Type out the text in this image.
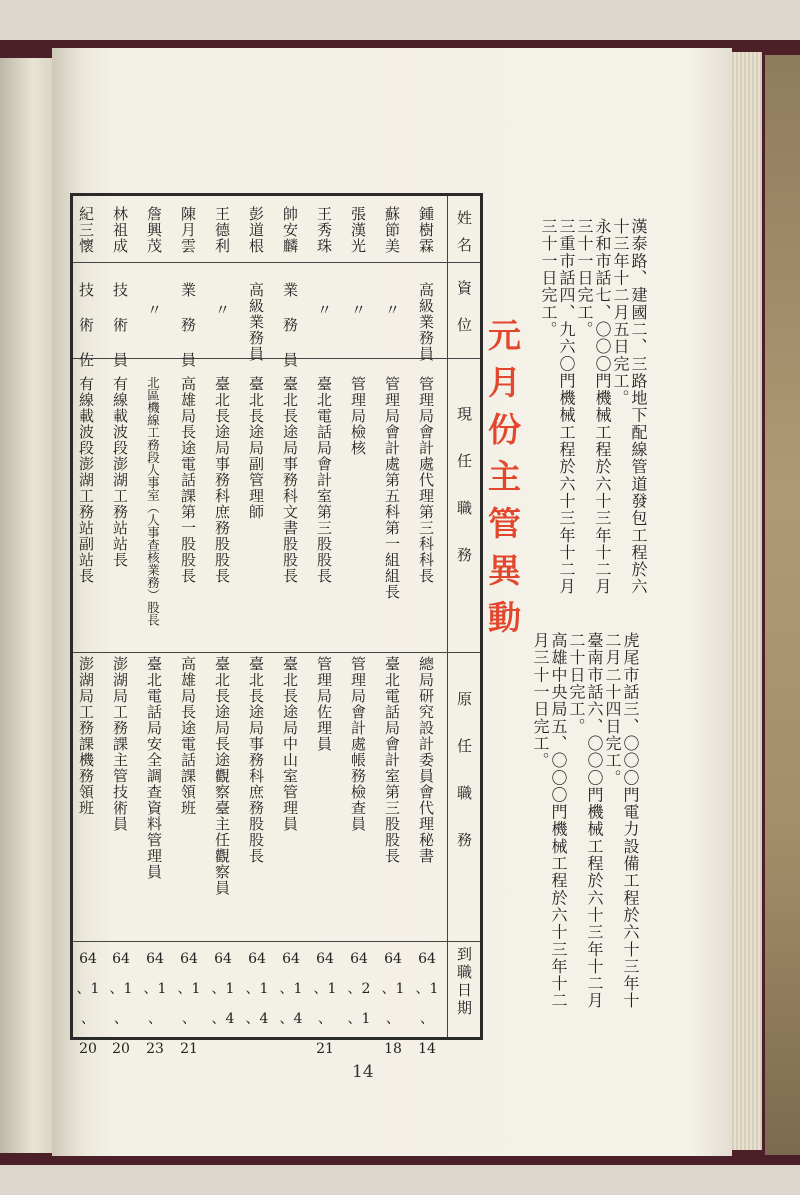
漢泰路、建國二、三路地下配線管道發包工程於六
十三年十二月五日完工。
永和市話七、〇〇〇門機械工程於六十三年十二月
三十一日完工。
三重市話四、九六〇門機械工程於六十三年十二月
三十一日完工。
虎尾市話三、〇〇〇門電力設備工程於六十三年十
二月二十四日完工。
臺南市話六、〇〇〇門機械工程於六十三年十二月
二十日完工。
高雄中央局五、〇〇〇門機械工程於六十三年十二
月三十一日完工。
元月份主管異動
姓名
資位
現任職務
原任職務
到職日期
鍾樹霖
高級業務員
管理局會計處代理第三科科長
總局研究設計委員會代理秘書
64
、1
、14
蘇節美
〃
管理局會計處第五科第一組組長
臺北電話局會計室第三股股長
64
、1
、18
張漢光
〃
管理局檢核
管理局會計處帳務檢查員
64
、2
、1
王秀珠
〃
臺北電話局會計室第三股股長
管理局佐理員
64
、1
、21
帥安麟
業務員
臺北長途局事務科文書股股長
臺北長途局中山室管理員
64
、1
、4
彭道根
高級業務員
臺北長途局副管理師
臺北長途局事務科庶務股股長
64
、1
、4
王德利
〃
臺北長途局事務科庶務股股長
臺北長途局長途觀察臺主任觀察員
64
、1
、4
陳月雲
業務員
高雄局長途電話課第一股股長
高雄局長途電話課領班
64
、1
、21
詹興茂
〃
北區機線工務段人事室（人事查核業務）股長
臺北電話局安全調查資料管理員
64
、1
、23
林祖成
技術員
有線載波段澎湖工務站站長
澎湖局工務課主管技術員
64
、1
、20
紀三懷
技術佐
有線載波段澎湖工務站副站長
澎湖局工務課機務領班
64
、1
、20
14
